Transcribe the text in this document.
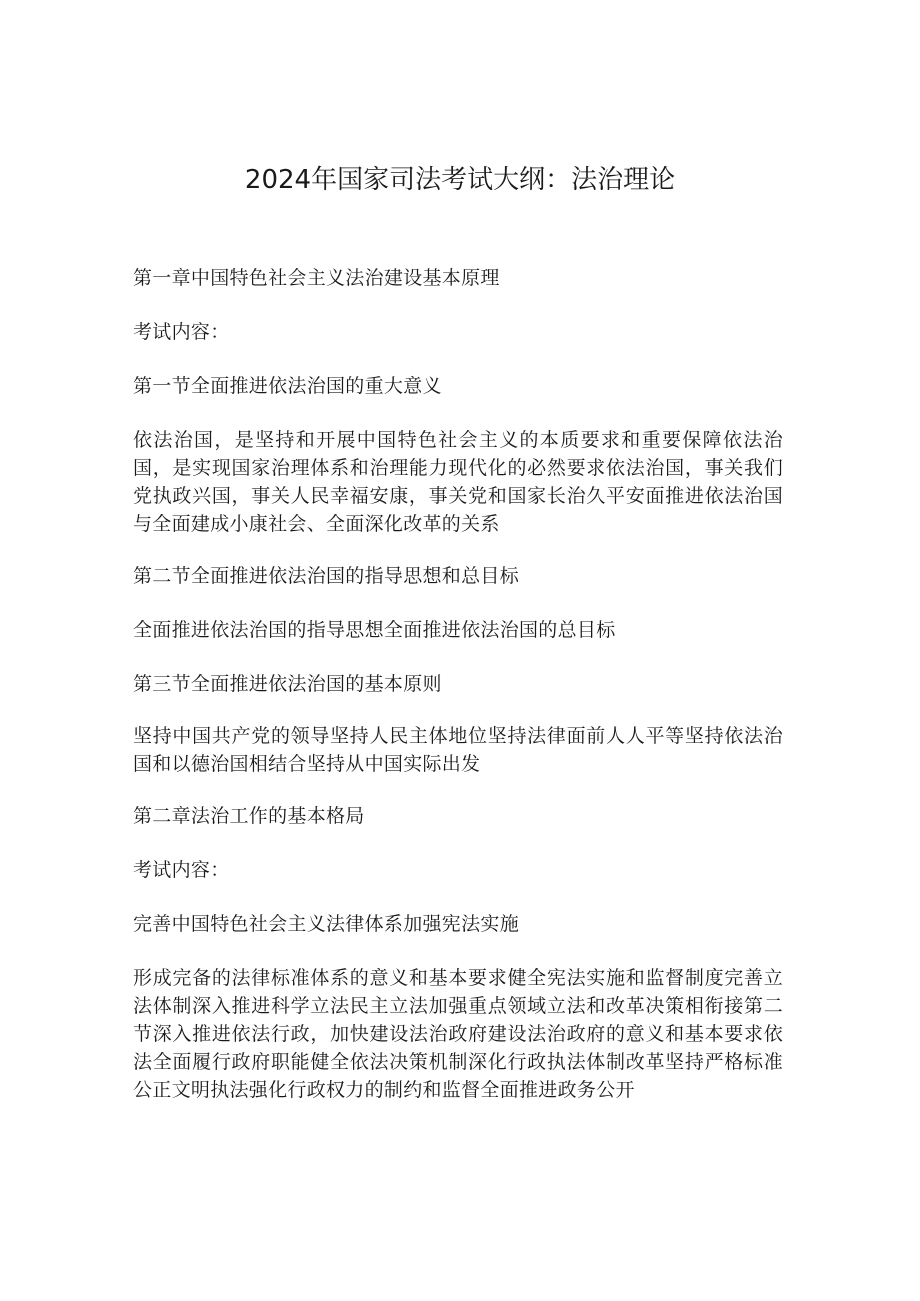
2024年国家司法考试大纲：法治理论

第一章中国特色社会主义法治建设基本原理

考试内容：

第一节全面推进依法治国的重大意义

依法治国，是坚持和开展中国特色社会主义的本质要求和重要保障依法治国，是实现国家治理体系和治理能力现代化的必然要求依法治国，事关我们党执政兴国，事关人民幸福安康，事关党和国家长治久平安面推进依法治国与全面建成小康社会、全面深化改革的关系

第二节全面推进依法治国的指导思想和总目标

全面推进依法治国的指导思想全面推进依法治国的总目标

第三节全面推进依法治国的基本原则

坚持中国共产党的领导坚持人民主体地位坚持法律面前人人平等坚持依法治国和以德治国相结合坚持从中国实际出发

第二章法治工作的基本格局

考试内容：

完善中国特色社会主义法律体系加强宪法实施

形成完备的法律标准体系的意义和基本要求健全宪法实施和监督制度完善立法体制深入推进科学立法民主立法加强重点领域立法和改革决策相衔接第二节深入推进依法行政，加快建设法治政府建设法治政府的意义和基本要求依法全面履行政府职能健全依法决策机制深化行政执法体制改革坚持严格标准公正文明执法强化行政权力的制约和监督全面推进政务公开
